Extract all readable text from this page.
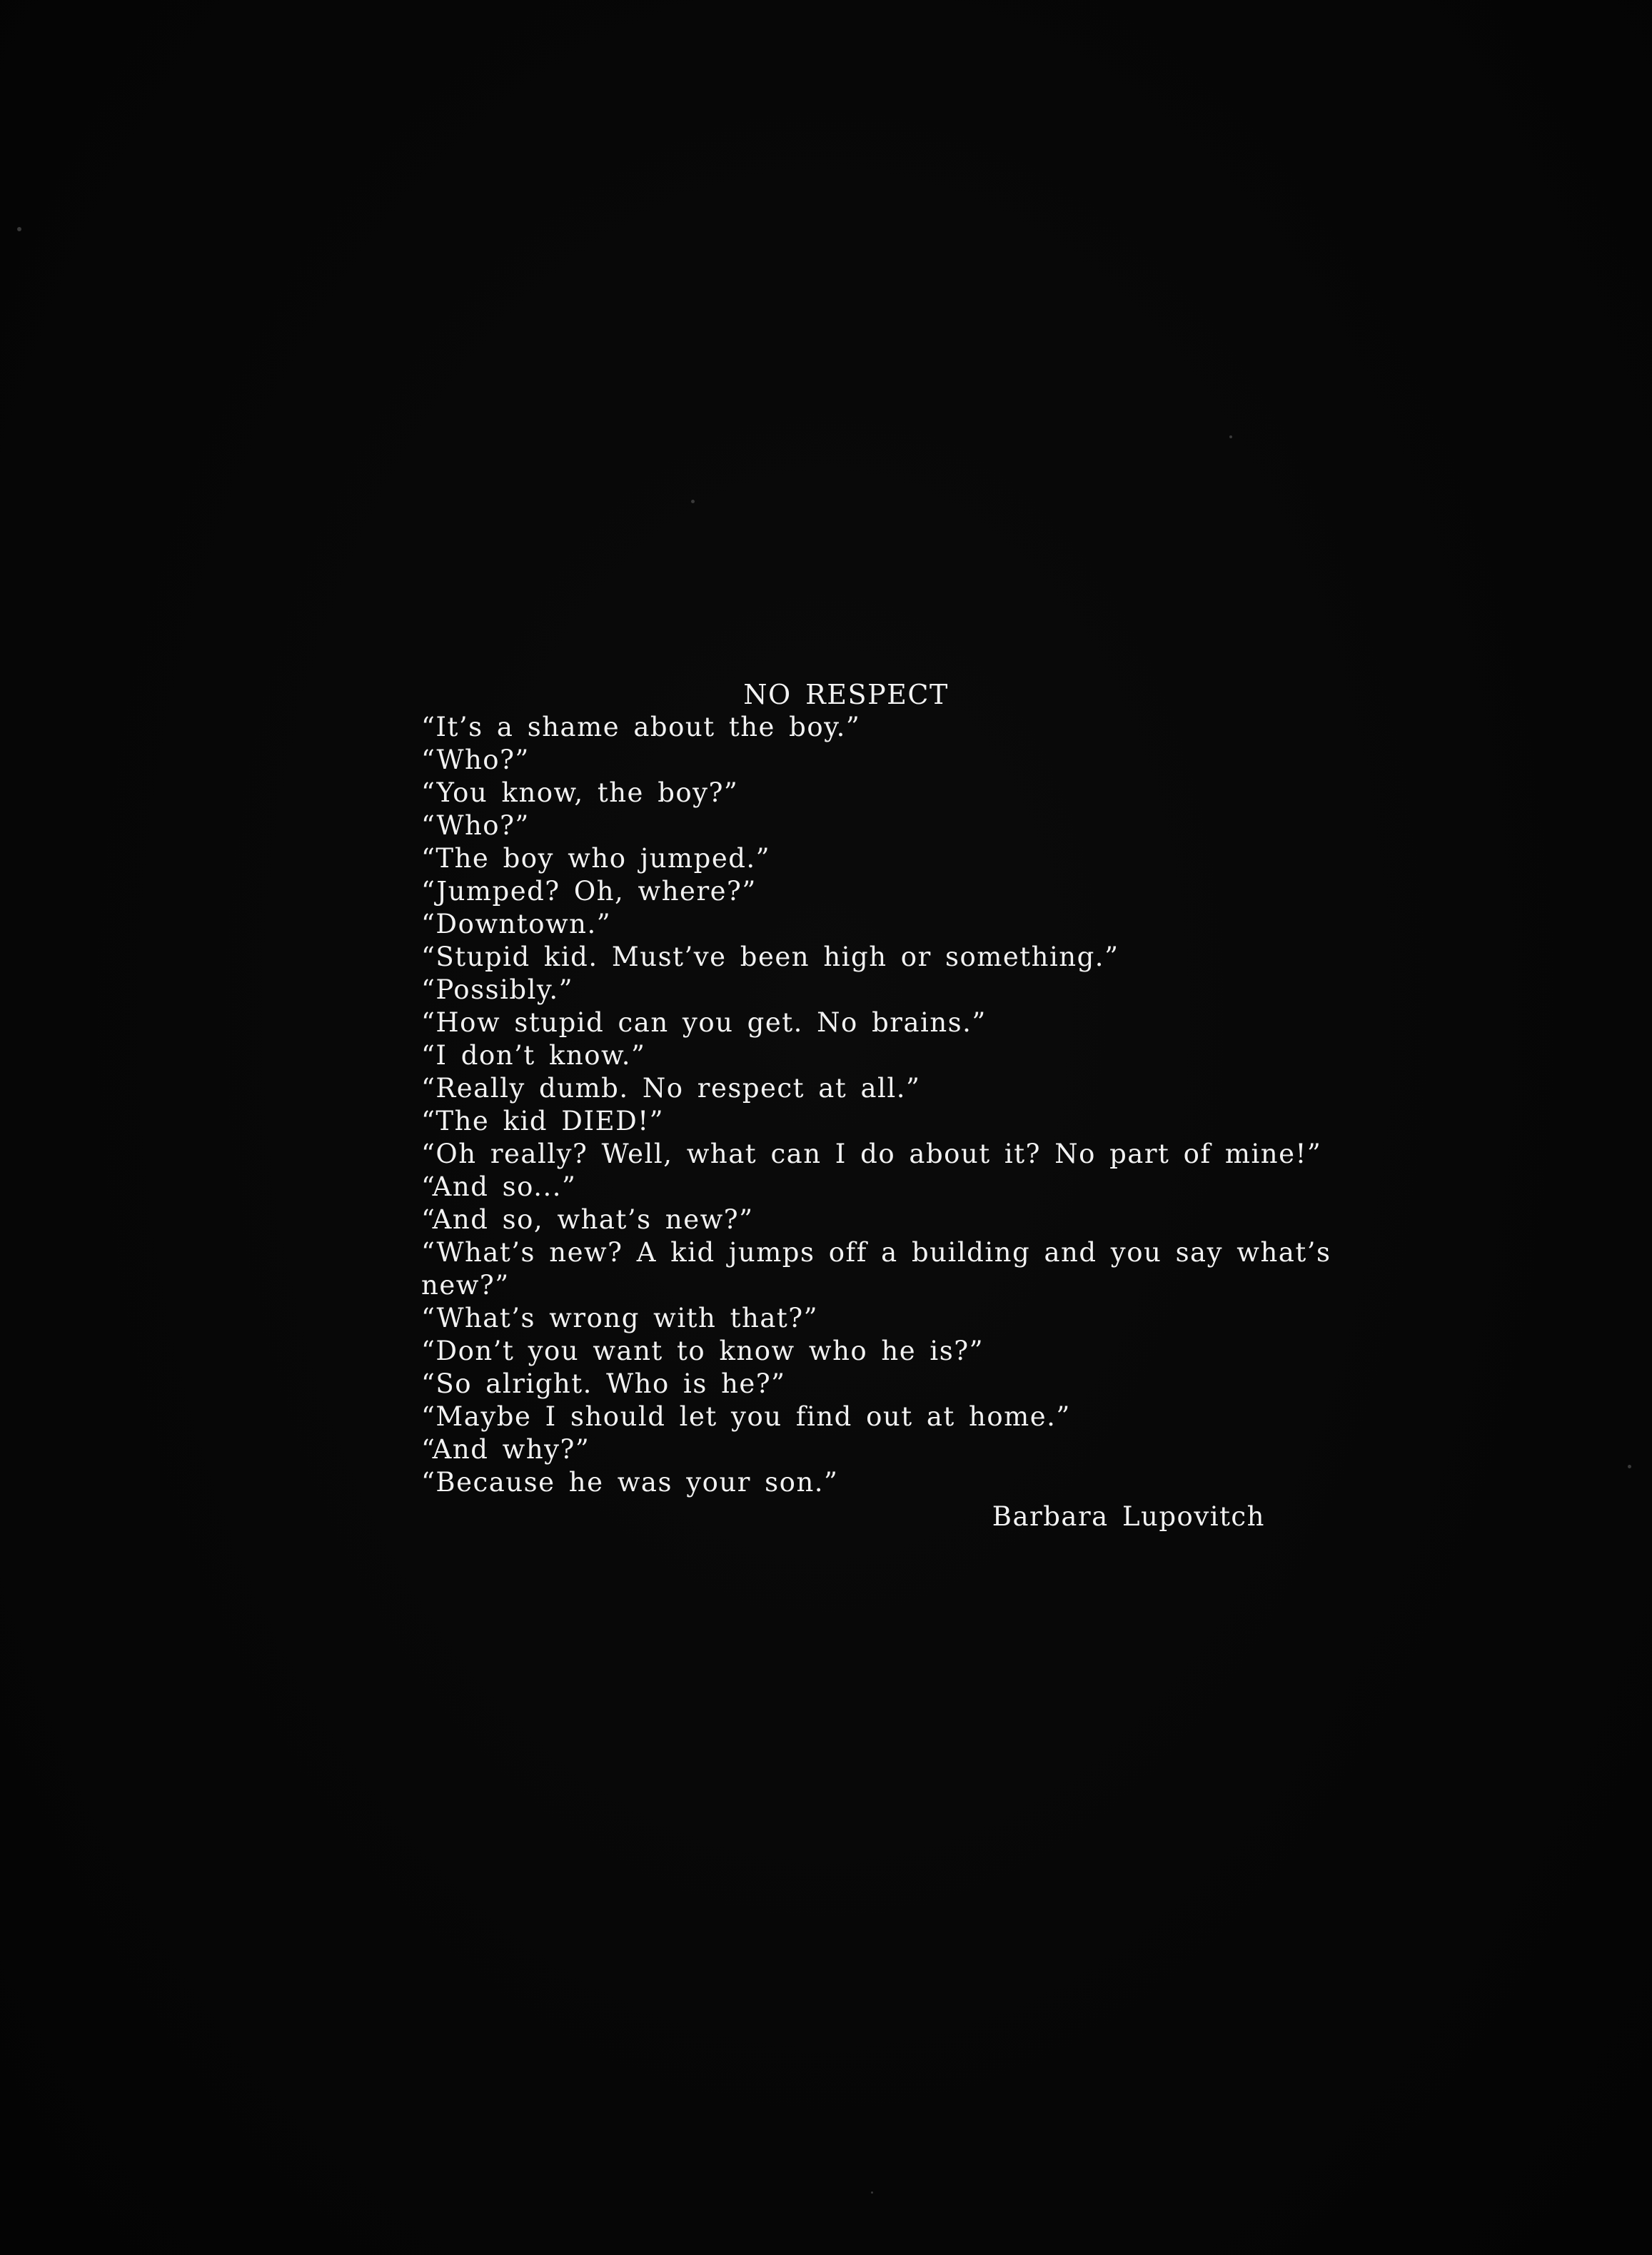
NO RESPECT
“It’s a shame about the boy.”
“Who?”
“You know, the boy?”
“Who?”
“The boy who jumped.”
“Jumped? Oh, where?”
“Downtown.”
“Stupid kid. Must’ve been high or something.”
“Possibly.”
“How stupid can you get. No brains.”
“I don’t know.”
“Really dumb. No respect at all.”
“The kid DIED!”
“Oh really? Well, what can I do about it? No part of mine!”
“And so...”
“And so, what’s new?”
“What’s new? A kid jumps off a building and you say what’s
new?”
“What’s wrong with that?”
“Don’t you want to know who he is?”
“So alright. Who is he?”
“Maybe I should let you find out at home.”
“And why?”
“Because he was your son.”
Barbara Lupovitch
